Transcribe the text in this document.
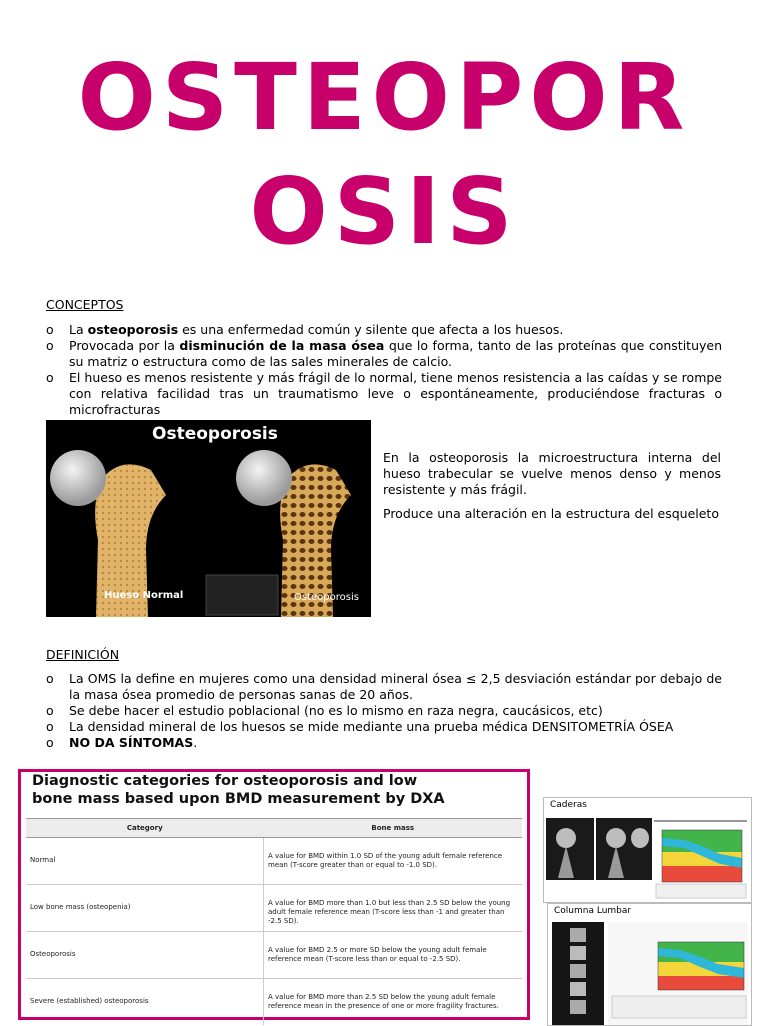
OSTEOPOR
OSIS
CONCEPTOS
o La osteoporosis es una enfermedad común y silente que afecta a los huesos.
o Provocada por la disminución de la masa ósea que lo forma, tanto de las proteínas que constituyen su matriz o estructura como de las sales minerales de calcio.
o El hueso es menos resistente y más frágil de lo normal, tiene menos resistencia a las caídas y se rompe con relativa facilidad tras un traumatismo leve o espontáneamente, produciéndose fracturas o microfracturas
Osteoporosis
Hueso Normal	Osteoporosis

En la osteoporosis la microestructura interna del hueso trabecular se vuelve menos denso y menos resistente y más frágil.

Produce una alteración en la estructura del esqueleto

DEFINICIÓN
o La OMS la define en mujeres como una densidad mineral ósea ≤ 2,5 desviación estándar por debajo de la masa ósea promedio de personas sanas de 20 años.
o Se debe hacer el estudio poblacional (no es lo mismo en raza negra, caucásicos, etc)
o La densidad mineral de los huesos se mide mediante una prueba médica DENSITOMETRÍA ÓSEA
o NO DA SÍNTOMAS.
Diagnostic categories for osteoporosis and low
bone mass based upon BMD measurement by DXA
Category	Bone mass
Normal	A value for BMD within 1.0 SD of the young adult female reference mean (T-score greater than or equal to -1.0 SD).
Low bone mass (osteopenia)	A value for BMD more than 1.0 but less than 2.5 SD below the young adult female reference mean (T-score less than -1 and greater than -2.5 SD).
Osteoporosis	A value for BMD 2.5 or more SD below the young adult female reference mean (T-score less than or equal to -2.5 SD).
Severe (established) osteoporosis	A value for BMD more than 2.5 SD below the young adult female reference mean in the presence of one or more fragility fractures.
Caderas
Columna Lumbar
